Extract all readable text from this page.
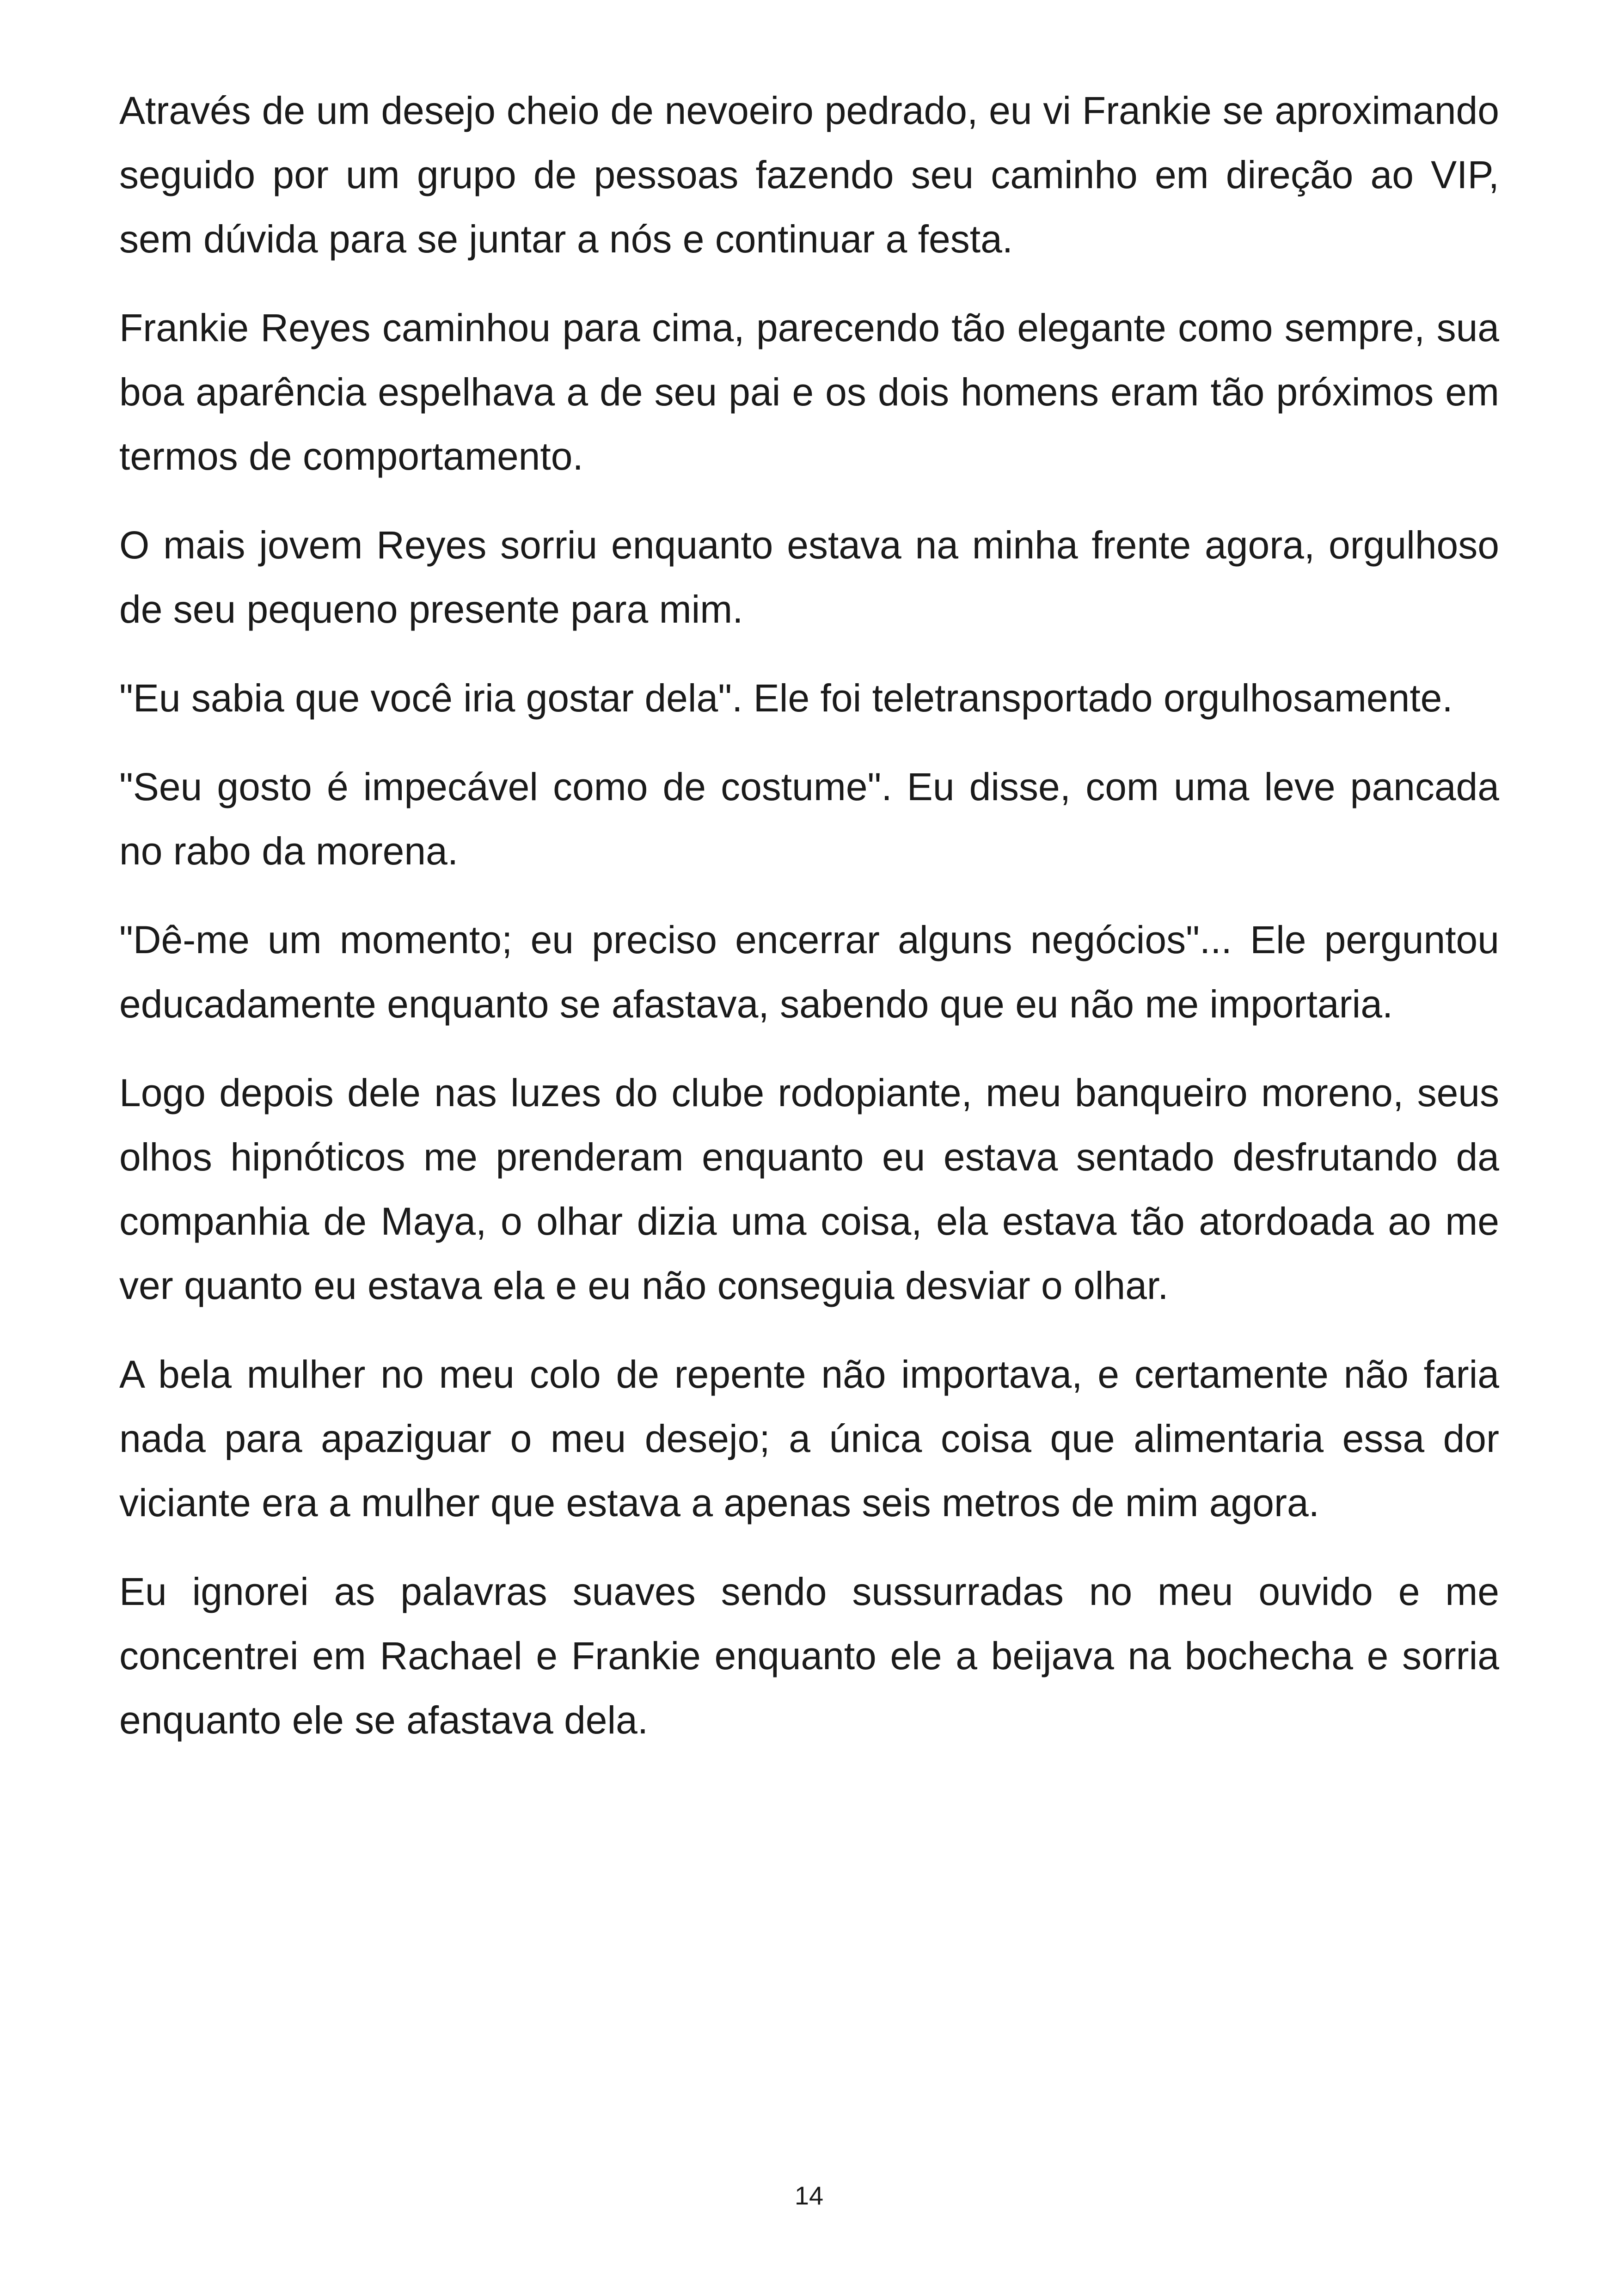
Através de um desejo cheio de nevoeiro pedrado, eu vi Frankie se aproximando seguido por um grupo de pessoas fazendo seu caminho em direção ao VIP, sem dúvida para se juntar a nós e continuar a festa.

Frankie Reyes caminhou para cima, parecendo tão elegante como sempre, sua boa aparência espelhava a de seu pai e os dois homens eram tão próximos em termos de comportamento.

O mais jovem Reyes sorriu enquanto estava na minha frente agora, orgulhoso de seu pequeno presente para mim.

"Eu sabia que você iria gostar dela". Ele foi teletransportado orgulhosamente.

"Seu gosto é impecável como de costume". Eu disse, com uma leve pancada no rabo da morena.

"Dê-me um momento; eu preciso encerrar alguns negócios"... Ele perguntou educadamente enquanto se afastava, sabendo que eu não me importaria.

Logo depois dele nas luzes do clube rodopiante, meu banqueiro moreno, seus olhos hipnóticos me prenderam enquanto eu estava sentado desfrutando da companhia de Maya, o olhar dizia uma coisa, ela estava tão atordoada ao me ver quanto eu estava ela e eu não conseguia desviar o olhar.

A bela mulher no meu colo de repente não importava, e certamente não faria nada para apaziguar o meu desejo; a única coisa que alimentaria essa dor viciante era a mulher que estava a apenas seis metros de mim agora.

Eu ignorei as palavras suaves sendo sussurradas no meu ouvido e me concentrei em Rachael e Frankie enquanto ele a beijava na bochecha e sorria enquanto ele se afastava dela.

14
